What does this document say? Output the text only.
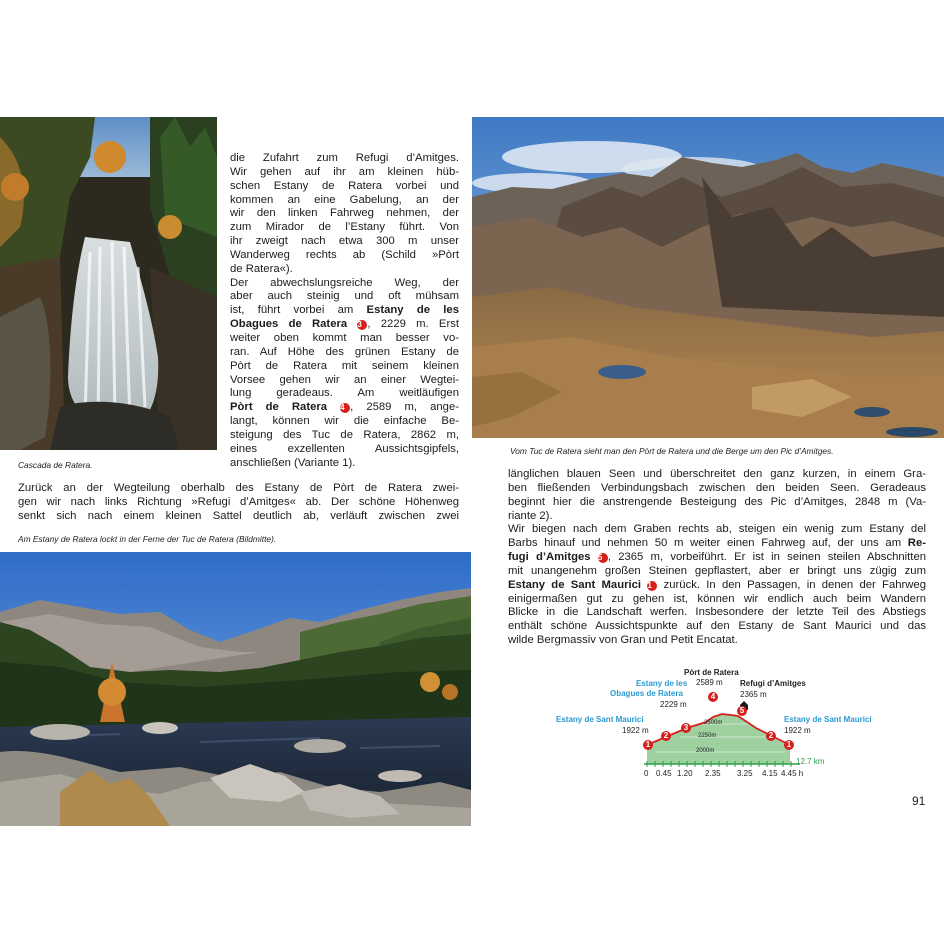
Cascada de Ratera.
die Zufahrt zum Refugi d’Amitges.
Wir gehen auf ihr am kleinen hüb-
schen Estany de Ratera vorbei und
kommen an eine Gabelung, an der
wir den linken Fahrweg nehmen, der
zum Mirador de l’Estany führt. Von
ihr zweigt nach etwa 300 m unser
Wanderweg rechts ab (Schild »Pòrt
de Ratera«).
Der abwechslungsreiche Weg, der
aber auch steinig und oft mühsam
ist, führt vorbei am Estany de les
Obagues de Ratera 3 , 2229 m. Erst
weiter oben kommt man besser vo-
ran. Auf Höhe des grünen Estany de
Pòrt de Ratera mit seinem kleinen
Vorsee gehen wir an einer Wegtei-
lung geradeaus. Am weitläufigen
Pòrt de Ratera 4 , 2589 m, ange-
langt, können wir die einfache Be-
steigung des Tuc de Ratera, 2862 m,
eines exzellenten Aussichtsgipfels,
anschließen (Variante 1).
Zurück an der Wegteilung oberhalb des Estany de Pòrt de Ratera zwei-
gen wir nach links Richtung »Refugi d’Amitges« ab. Der schöne Höhenweg
senkt sich nach einem kleinen Sattel deutlich ab, verläuft zwischen zwei
Am Estany de Ratera lockt in der Ferne der Tuc de Ratera (Bildmitte).
Vom Tuc de Ratera sieht man den Pòrt de Ratera und die Berge um den Pic d’Amitges.
länglichen blauen Seen und überschreitet den ganz kurzen, in einem Gra-
ben fließenden Verbindungsbach zwischen den beiden Seen. Geradeaus
beginnt hier die anstrengende Besteigung des Pic d’Amitges, 2848 m (Va-
riante 2).
Wir biegen nach dem Graben rechts ab, steigen ein wenig zum Estany del
Barbs hinauf und nehmen 50 m weiter einen Fahrweg auf, der uns am Re-
fugi d’Amitges 5 , 2365 m, vorbeiführt. Er ist in seinen steilen Abschnitten
mit unangenehm großen Steinen gepflastert, aber er bringt uns zügig zum
Estany de Sant Maurici 1 zurück. In den Passagen, in denen der Fahrweg
einigermaßen gut zu gehen ist, können wir endlich auch beim Wandern
Blicke in die Landschaft werfen. Insbesondere der letzte Teil des Abstiegs
enthält schöne Aussichtspunkte auf den Estany de Sant Maurici und das
wilde Bergmassiv von Gran und Petit Encatat.
1
2
3
4
5
2
1
Pòrt de Ratera
2589 m
Estany de les
Obagues de Ratera
2229 m
Refugi d’Amitges
2365 m
Estany de Sant Maurici
1922 m
Estany de Sant Maurici
1922 m
2500m
2250m
2000m
12.7 km
0 0.45 1.20 2.35 3.25 4.15 4.45 h
91
